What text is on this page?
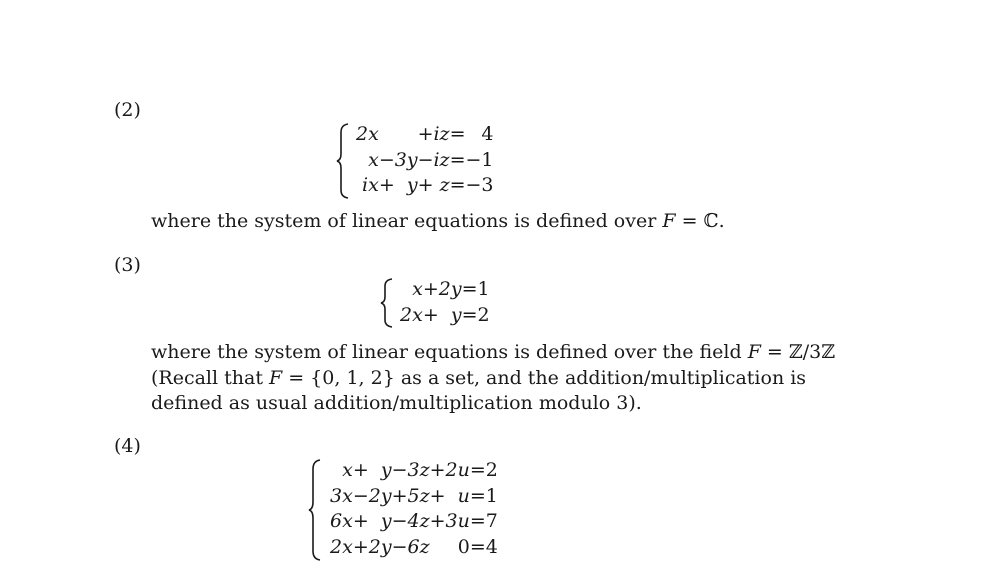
(2)
2x			+	iz	=	4
x	−	3y	−	iz	=	−1
ix	+	y	+	z	=	−3

where the system of linear equations is defined over F = ℂ.

(3)
x	+	2y	=	1
2x	+	y	=	2

where the system of linear equations is defined over the field F = ℤ/3ℤ

(Recall that F = {0, 1, 2} as a set, and the addition/multiplication is

defined as usual addition/multiplication modulo 3).

(4)
x	+	y	−	3z	+	2u	=	2
3x	−	2y	+	5z	+	u	=	1
6x	+	y	−	4z	+	3u	=	7
2x	+	2y	−	6z		0	=	4
